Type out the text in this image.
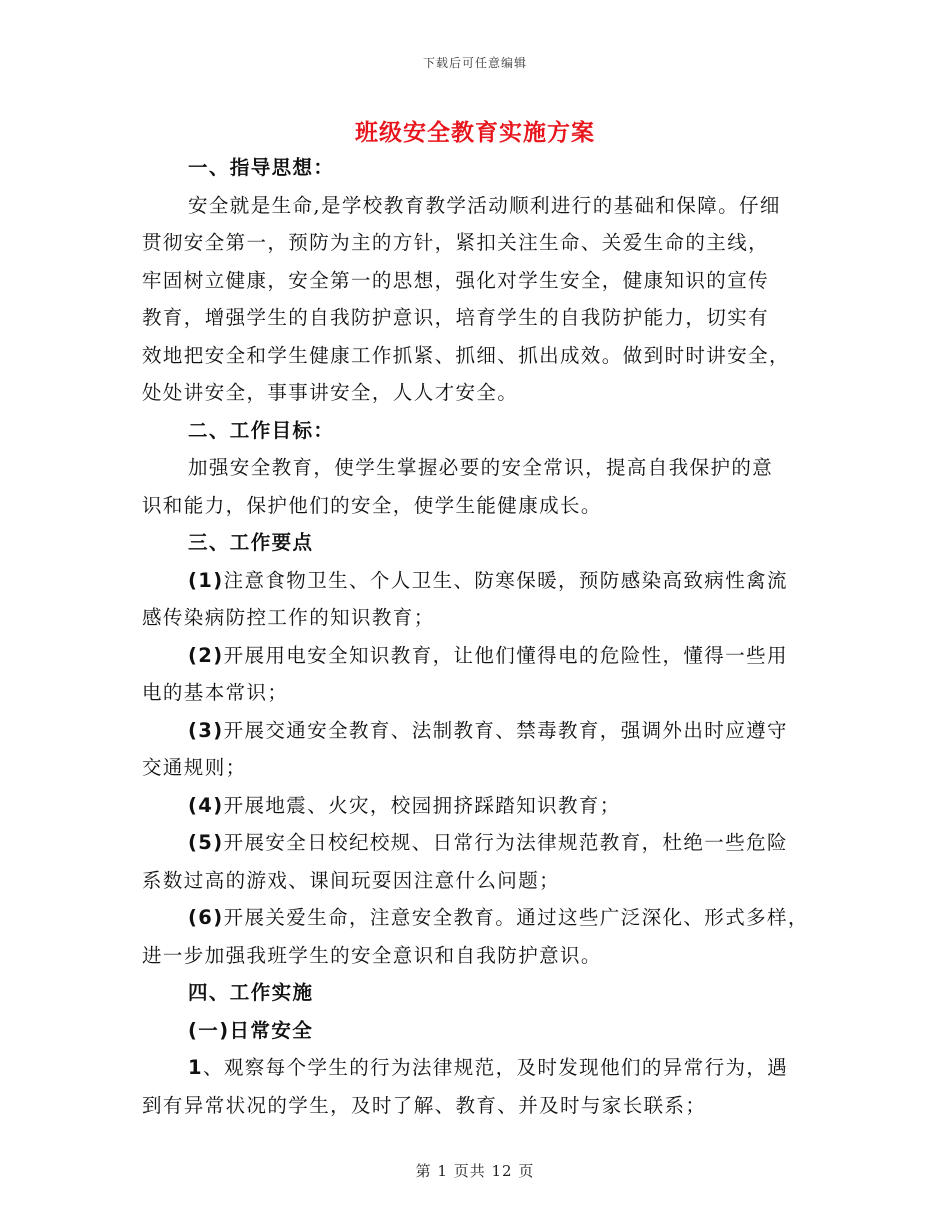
下载后可任意编辑
班级安全教育实施方案
一、指导思想：
安全就是生命,是学校教育教学活动顺利进行的基础和保障。仔细
贯彻安全第一，预防为主的方针，紧扣关注生命、关爱生命的主线，
牢固树立健康，安全第一的思想，强化对学生安全，健康知识的宣传
教育，增强学生的自我防护意识，培育学生的自我防护能力，切实有
效地把安全和学生健康工作抓紧、抓细、抓出成效。做到时时讲安全，
处处讲安全，事事讲安全，人人才安全。
二、工作目标：
加强安全教育，使学生掌握必要的安全常识，提高自我保护的意
识和能力，保护他们的安全，使学生能健康成长。
三、工作要点
(1)注意食物卫生、个人卫生、防寒保暖，预防感染高致病性禽流
感传染病防控工作的知识教育；
(2)开展用电安全知识教育，让他们懂得电的危险性，懂得一些用
电的基本常识；
(3)开展交通安全教育、法制教育、禁毒教育，强调外出时应遵守
交通规则；
(4)开展地震、火灾，校园拥挤踩踏知识教育；
(5)开展安全日校纪校规、日常行为法律规范教育，杜绝一些危险
系数过高的游戏、课间玩耍因注意什么问题；
(6)开展关爱生命，注意安全教育。通过这些广泛深化、形式多样，
进一步加强我班学生的安全意识和自我防护意识。
四、工作实施
(一)日常安全
1、观察每个学生的行为法律规范，及时发现他们的异常行为，遇
到有异常状况的学生，及时了解、教育、并及时与家长联系；
第 1 页共 12 页
